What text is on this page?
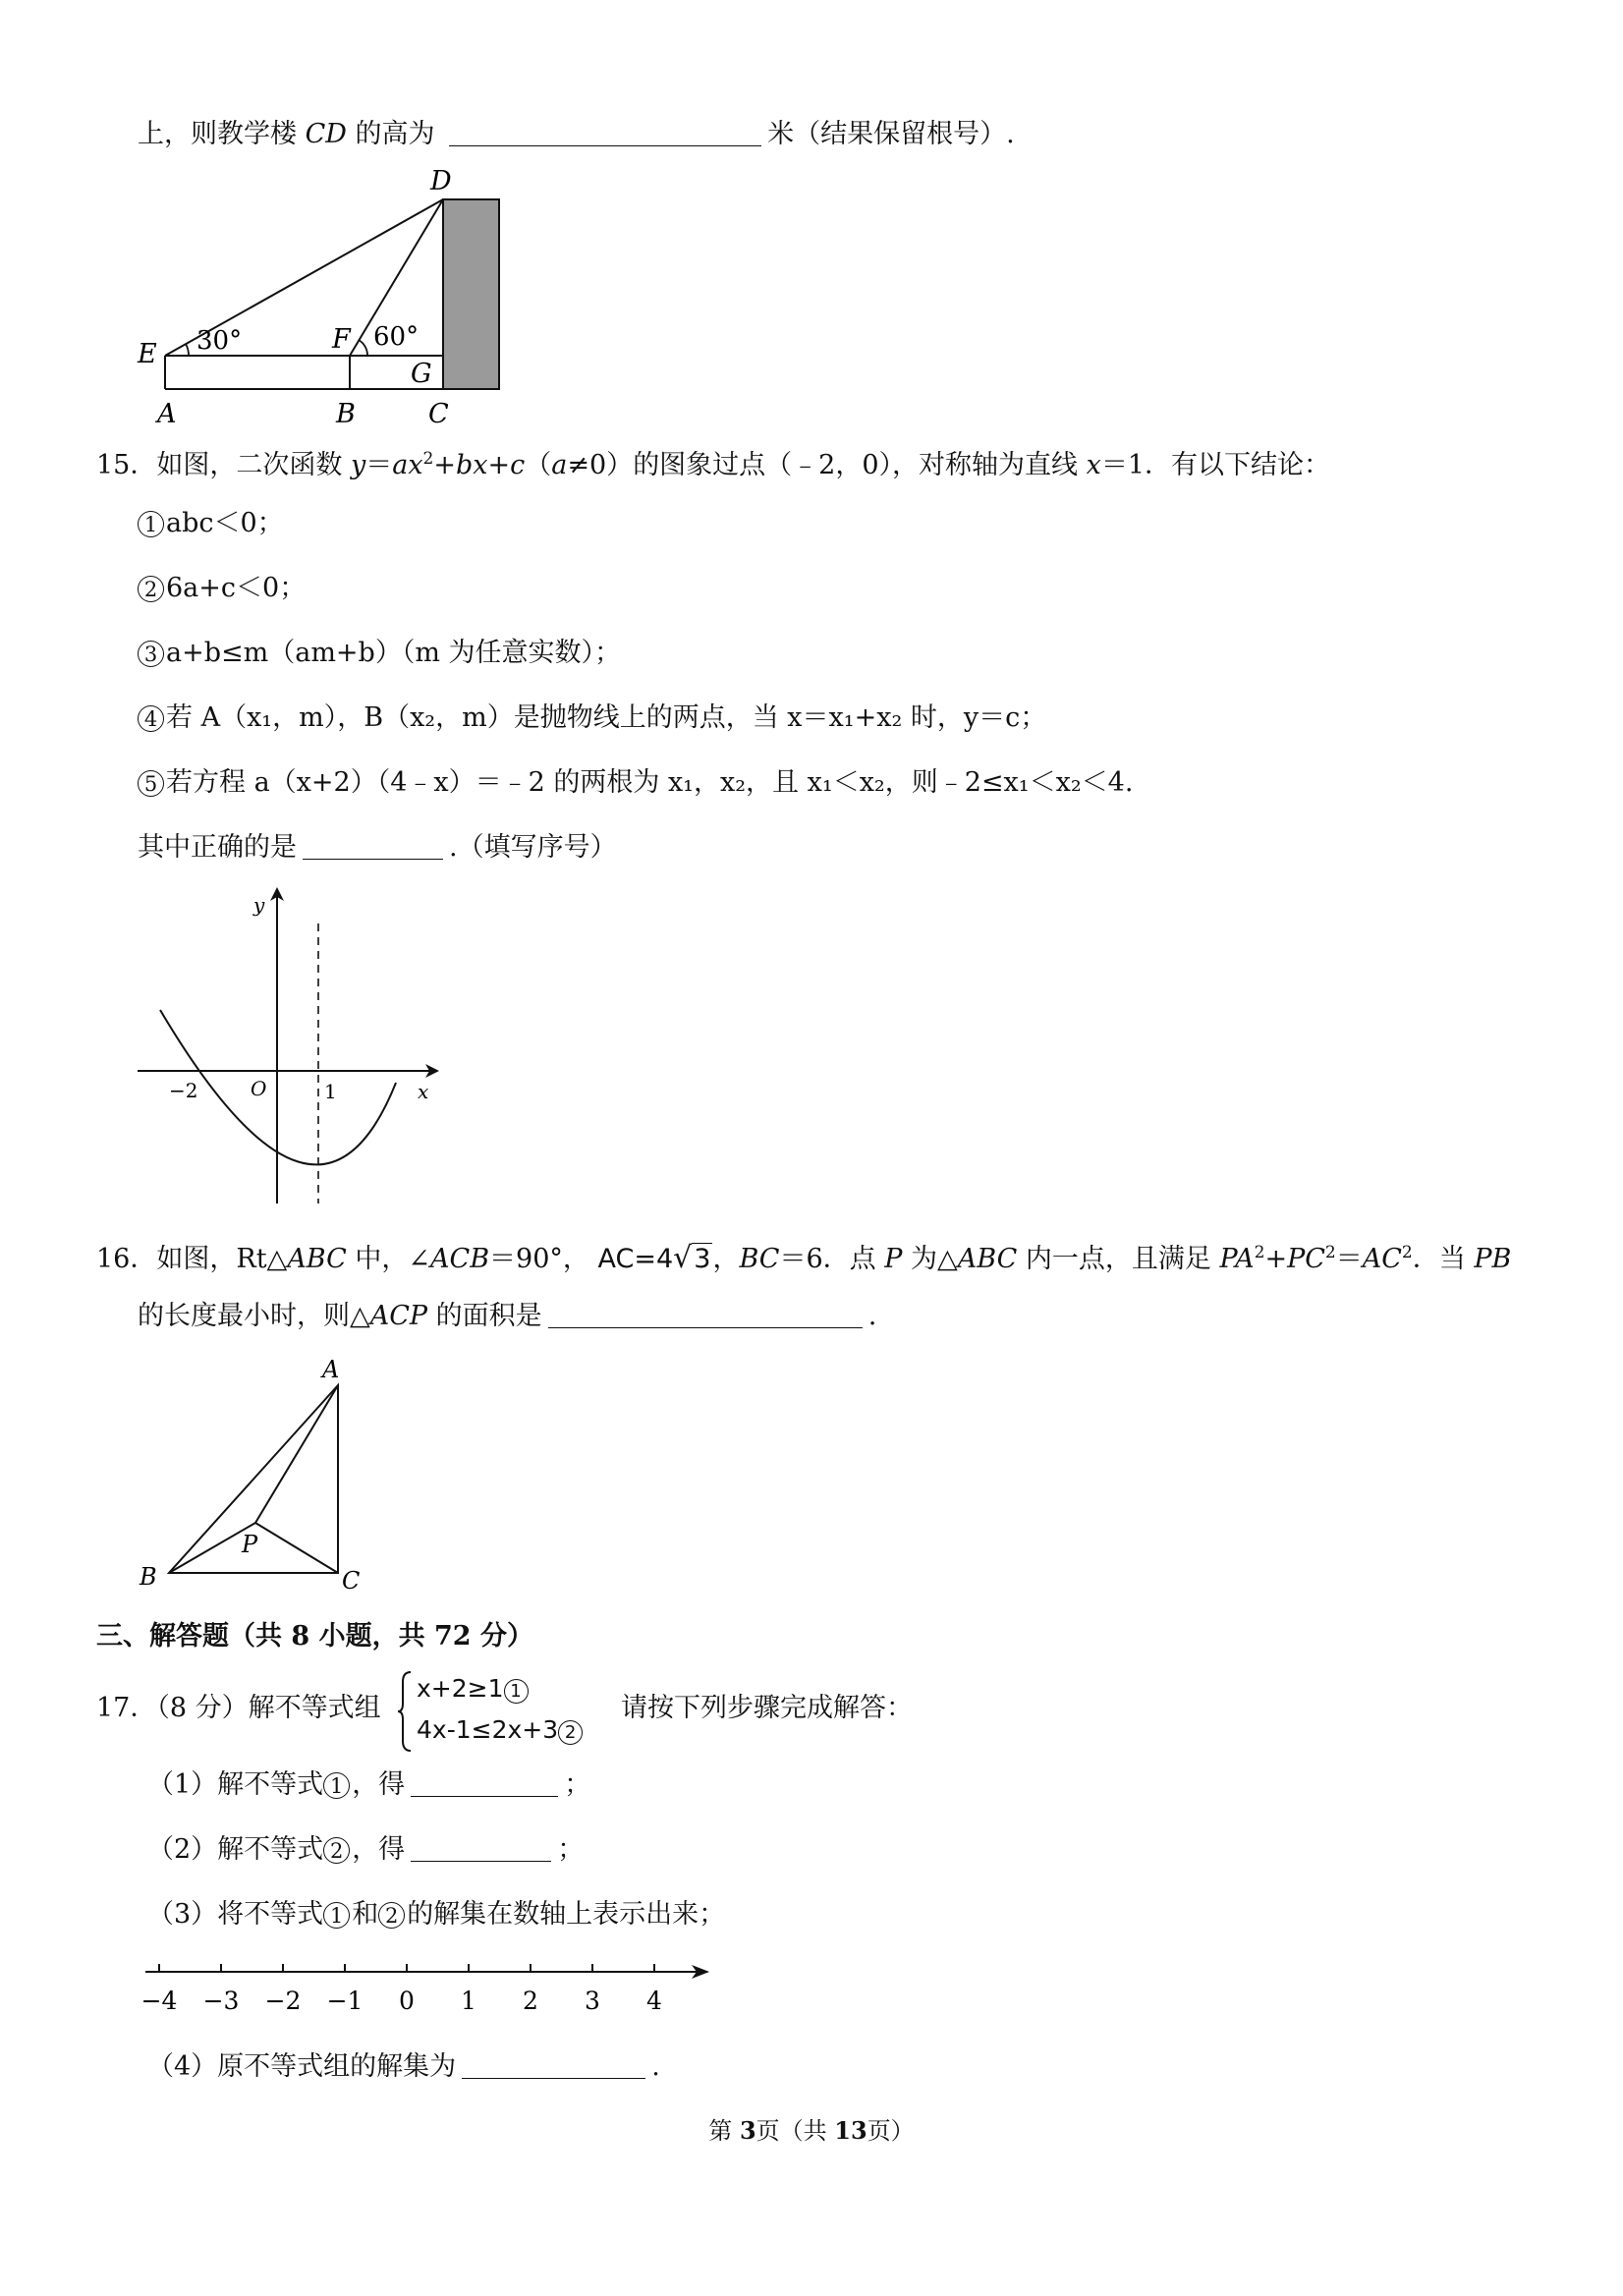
上，则教学楼 CD 的高为	米（结果保留根号）.
D
E 30°	F 60°
G
A	B	C
15．如图，二次函数 $y=ax^2+bx+c(a\ne 0)$的图象过点（﹣2，0），对称轴为直线 x＝1．有以下结论：
1 abc＜0；
2 6a+c＜0；
3 a+b≤m（am+b）（m 为任意实数）；
4 若 A（x₁，m），B（x₂，m）是抛物线上的两点，当 x＝x₁+x₂ 时，y＝c；
5 若方程 a（x+2）（4﹣x）＝﹣2 的两根为 x₁，x₂，且 x₁＜x₂，则﹣2≤x₁＜x₂＜4.
其中正确的是	.（填写序号）
y
x
O
−2	1
16．如图，Rt△ABC 中，∠ACB＝90°， AC=4√3，BC＝6．点 P 为△ABC 内一点，且满足 $PA^2+PC^2=AC^2$．当 PB
的长度最小时，则△ACP 的面积是	.
A
B	C
P
三、解答题（共 8 小题，共 72 分）
17．（8 分）解不等式组
x+2≥1 1
4x-1≤2x+3 2
请按下列步骤完成解答：
（1）解不等式 1 ，得	；
（2）解不等式 2 ，得	；
（3）将不等式 1 和 2 的解集在数轴上表示出来；
−4 −3 −2 −1 0 1 2 3 4
（4）原不等式组的解集为	.
第 3页（共 13页）
